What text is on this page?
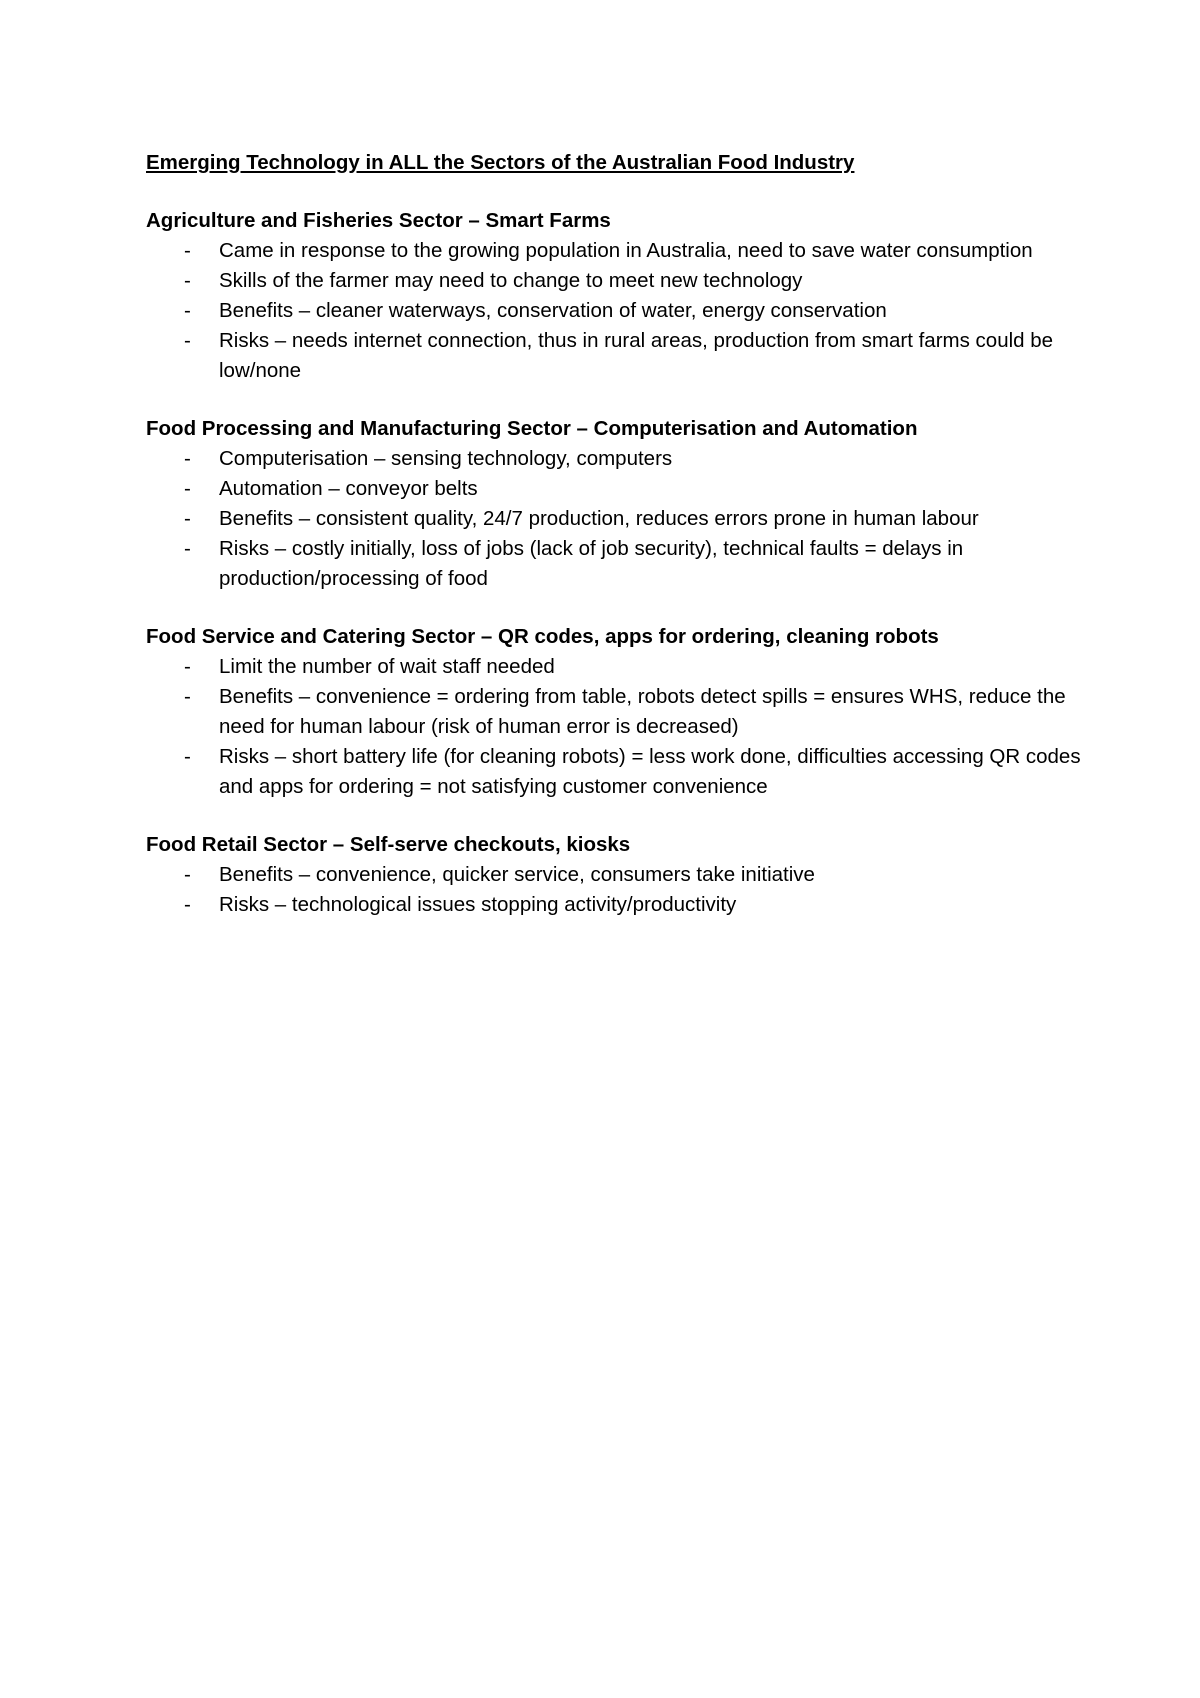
Emerging Technology in ALL the Sectors of the Australian Food Industry
Agriculture and Fisheries Sector – Smart Farms
- Came in response to the growing population in Australia, need to save water consumption
- Skills of the farmer may need to change to meet new technology
- Benefits – cleaner waterways, conservation of water, energy conservation
- Risks – needs internet connection, thus in rural areas, production from smart farms could be low/none
Food Processing and Manufacturing Sector – Computerisation and Automation
- Computerisation – sensing technology, computers
- Automation – conveyor belts
- Benefits – consistent quality, 24/7 production, reduces errors prone in human labour
- Risks – costly initially, loss of jobs (lack of job security), technical faults = delays in production/processing of food
Food Service and Catering Sector – QR codes, apps for ordering, cleaning robots
- Limit the number of wait staff needed
- Benefits – convenience = ordering from table, robots detect spills = ensures WHS, reduce the need for human labour (risk of human error is decreased)
- Risks – short battery life (for cleaning robots) = less work done, difficulties accessing QR codes and apps for ordering = not satisfying customer convenience
Food Retail Sector – Self-serve checkouts, kiosks
- Benefits – convenience, quicker service, consumers take initiative
- Risks – technological issues stopping activity/productivity
